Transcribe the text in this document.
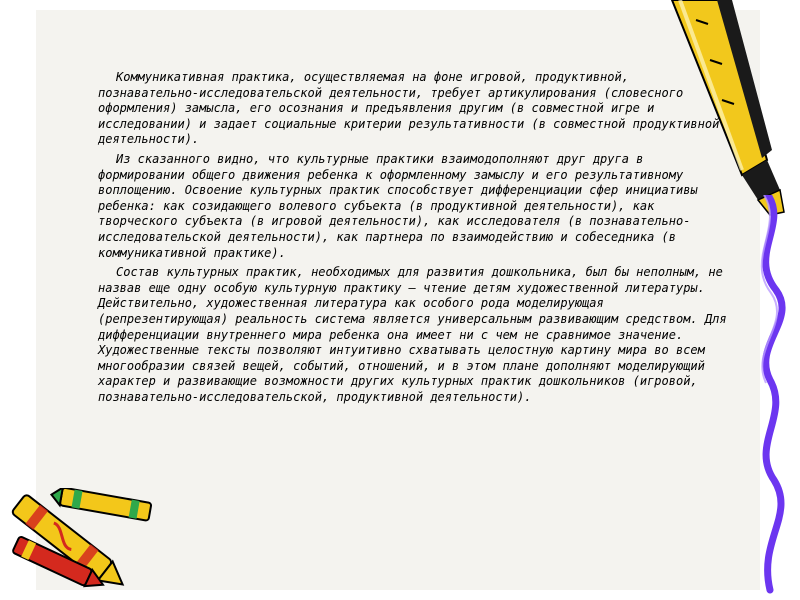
Коммуникативная практика, осуществляемая на фоне игровой, продуктивной, познавательно-исследовательской деятельности, требует артикулирования (словесного оформления) замысла, его осознания и предъявления другим (в совместной игре и исследовании) и задает социальные критерии результативности (в совместной продуктивной деятельности).

Из сказанного видно, что культурные практики взаимодополняют друг друга в формировании общего движения ребенка к оформленному замыслу и его результативному воплощению. Освоение культурных практик способствует дифференциации сфер инициативы ребенка: как созидающего волевого субъекта (в продуктивной деятельности), как творческого субъекта (в игровой деятельности), как исследователя (в познавательно-исследовательской деятельности), как партнера по взаимодействию и собеседника (в коммуникативной практике).

Состав культурных практик, необходимых для развития дошкольника, был бы неполным, не назвав еще одну особую культурную практику — чтение детям художественной литературы. Действительно, художественная литература как особого рода моделирующая (репрезентирующая) реальность система является универсальным развивающим средством. Для дифференциации внутреннего мира ребенка она имеет ни с чем не сравнимое значение. Художественные тексты позволяют интуитивно схватывать целостную картину мира во всем многообразии связей вещей, событий, отношений, и в этом плане дополняют моделирующий характер и развивающие возможности других культурных практик дошкольников (игровой, познавательно-исследовательской, продуктивной деятельности).
